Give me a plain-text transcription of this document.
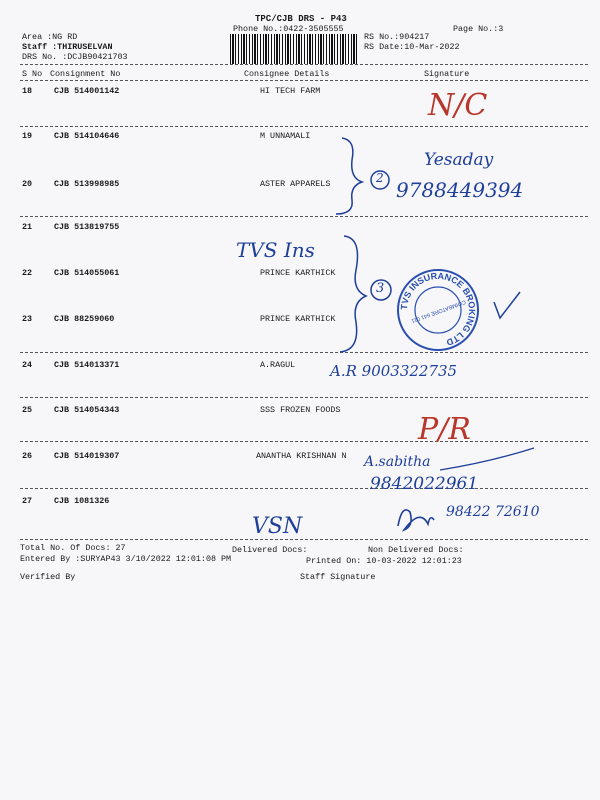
TPC/CJB DRS - P43
Phone No.:0422-3505555	Page No.:3
Area :NG RD
Staff :THIRUSELVAN
DRS No. :DCJB90421703
RS No.:904217
RS Date:10-Mar-2022
S No Consignment No	Consignee Details	Signature
18	CJB 514001142	HI TECH FARM
19	CJB 514104646	M UNNAMALI
20	CJB 513998985	ASTER APPARELS
21	CJB 513819755
22	CJB 514055061	PRINCE KARTHICK
23	CJB 88259060	PRINCE KARTHICK
24	CJB 514013371	A.RAGUL
25	CJB 514054343	SSS FROZEN FOODS
26	CJB 514019307	ANANTHA KRISHNAN N
27	CJB 1081326
Total No. Of Docs: 27	Delivered Docs:	Non Delivered Docs:
Entered By :SURYAP43 3/10/2022 12:01:08 PM	Printed On: 10-03-2022 12:01:23
Verified By	Staff Signature
N/C
Yesaday
9788449394
2
TVS Ins
3
A.R 9003322735
P/R
A.sabitha
9842022961
VSN
98422 72610
TVS INSURANCE BROKING LTD
COIMBATORE 641 011
